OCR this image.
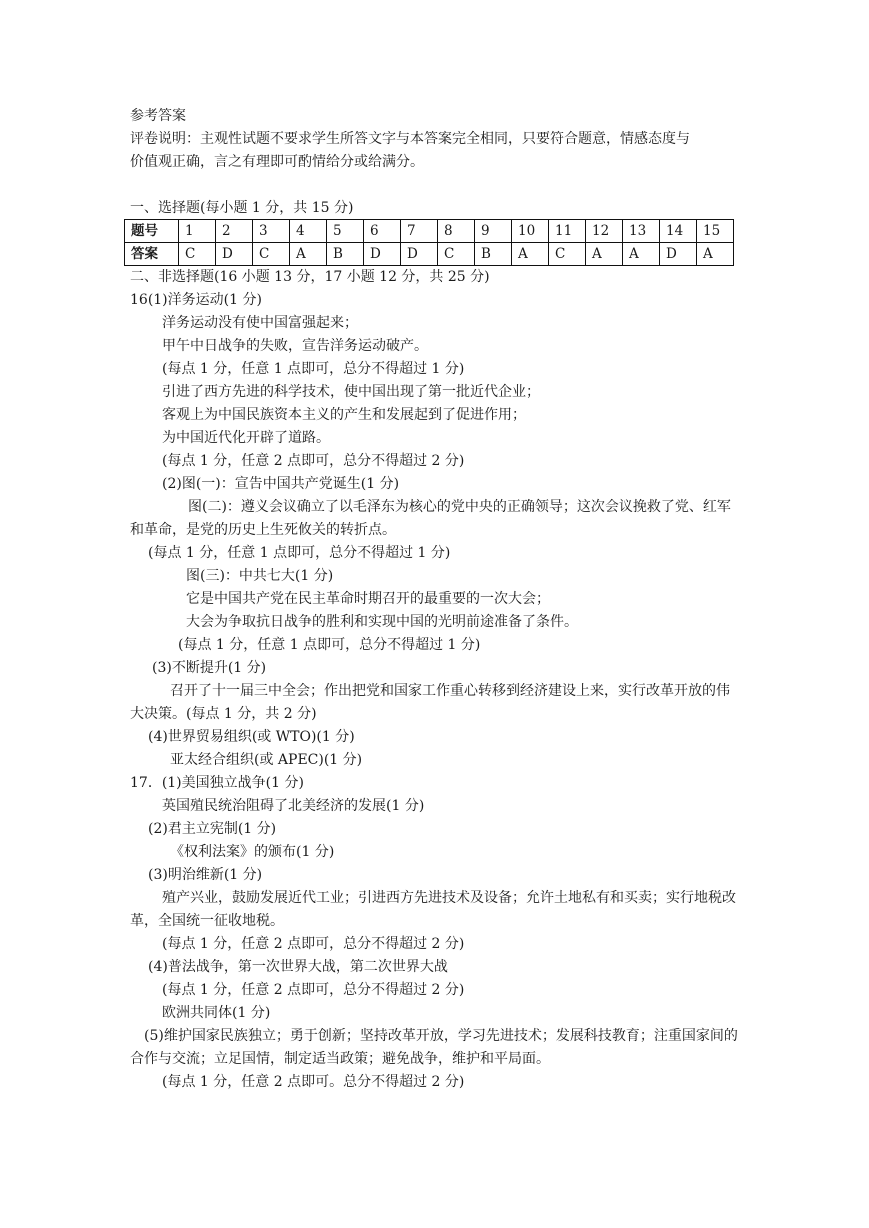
参考答案
评卷说明：主观性试题不要求学生所答文字与本答案完全相同，只要符合题意，情感态度与
价值观正确，言之有理即可酌情给分或给满分。
一、选择题(每小题 1 分，共 15 分)
题号	1	2	3	4	5	6	7	8	9	10	11	12	13	14	15
答案	C	D	C	A	B	D	D	C	B	A	C	A	A	D	A
二、非选择题(16 小题 13 分，17 小题 12 分，共 25 分)
16(1)洋务运动(1 分)
洋务运动没有使中国富强起来；
甲午中日战争的失败，宣告洋务运动破产。
(每点 1 分，任意 1 点即可，总分不得超过 1 分)
引进了西方先进的科学技术，使中国出现了第一批近代企业；
客观上为中国民族资本主义的产生和发展起到了促进作用；
为中国近代化开辟了道路。
(每点 1 分，任意 2 点即可，总分不得超过 2 分)
(2)图(一)：宣告中国共产党诞生(1 分)
图(二)：遵义会议确立了以毛泽东为核心的党中央的正确领导；这次会议挽救了党、红军和革命，是党的历史上生死攸关的转折点。
(每点 1 分，任意 1 点即可，总分不得超过 1 分)
图(三)：中共七大(1 分)
它是中国共产党在民主革命时期召开的最重要的一次大会；
大会为争取抗日战争的胜利和实现中国的光明前途准备了条件。
(每点 1 分，任意 1 点即可，总分不得超过 1 分)
(3)不断提升(1 分)
召开了十一届三中全会；作出把党和国家工作重心转移到经济建设上来，实行改革开放的伟大决策。(每点 1 分，共 2 分)
(4)世界贸易组织(或 WTO)(1 分)
亚太经合组织(或 APEC)(1 分)
17．(1)美国独立战争(1 分)
英国殖民统治阻碍了北美经济的发展(1 分)
(2)君主立宪制(1 分)
《权利法案》的颁布(1 分)
(3)明治维新(1 分)
殖产兴业，鼓励发展近代工业；引进西方先进技术及设备；允许土地私有和买卖；实行地税改革，全国统一征收地税。
(每点 1 分，任意 2 点即可，总分不得超过 2 分)
(4)普法战争，第一次世界大战，第二次世界大战
(每点 1 分，任意 2 点即可，总分不得超过 2 分)
欧洲共同体(1 分)
(5)维护国家民族独立；勇于创新；坚持改革开放，学习先进技术；发展科技教育；注重国家间的合作与交流；立足国情，制定适当政策；避免战争，维护和平局面。
(每点 1 分，任意 2 点即可。总分不得超过 2 分)
